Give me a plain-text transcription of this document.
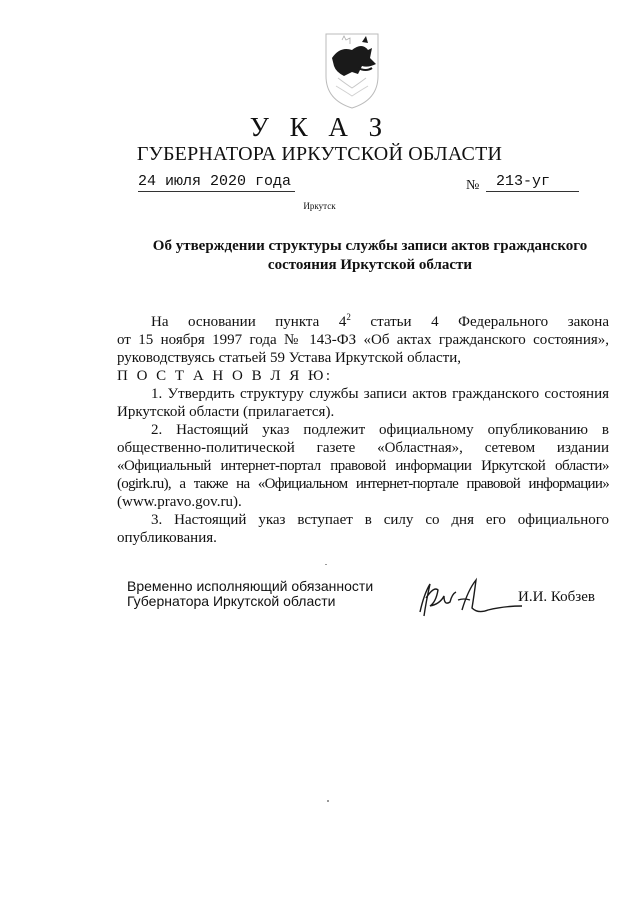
У К А З
ГУБЕРНАТОРА ИРКУТСКОЙ ОБЛАСТИ
24 июля 2020 года	№	213-уг
Иркутск
Об утверждении структуры службы записи актов гражданского
состояния Иркутской области
На основании пункта $4^2$ статьи 4 Федерального закона
от 15 ноября 1997 года № 143-ФЗ «Об актах гражданского состояния»,
руководствуясь статьей 59 Устава Иркутской области,
П О С Т А Н О В Л Я Ю:
1. Утвердить структуру службы записи актов гражданского состояния
Иркутской области (прилагается).
2. Настоящий указ подлежит официальному опубликованию в
общественно-политической газете «Областная», сетевом издании
«Официальный интернет-портал правовой информации Иркутской области»
(ogirk.ru), а также на «Официальном интернет-портале правовой информации»
(www.pravo.gov.ru).
3. Настоящий указ вступает в силу со дня его официального
опубликования.
Временно исполняющий обязанности
Губернатора Иркутской области	И.И. Кобзев
